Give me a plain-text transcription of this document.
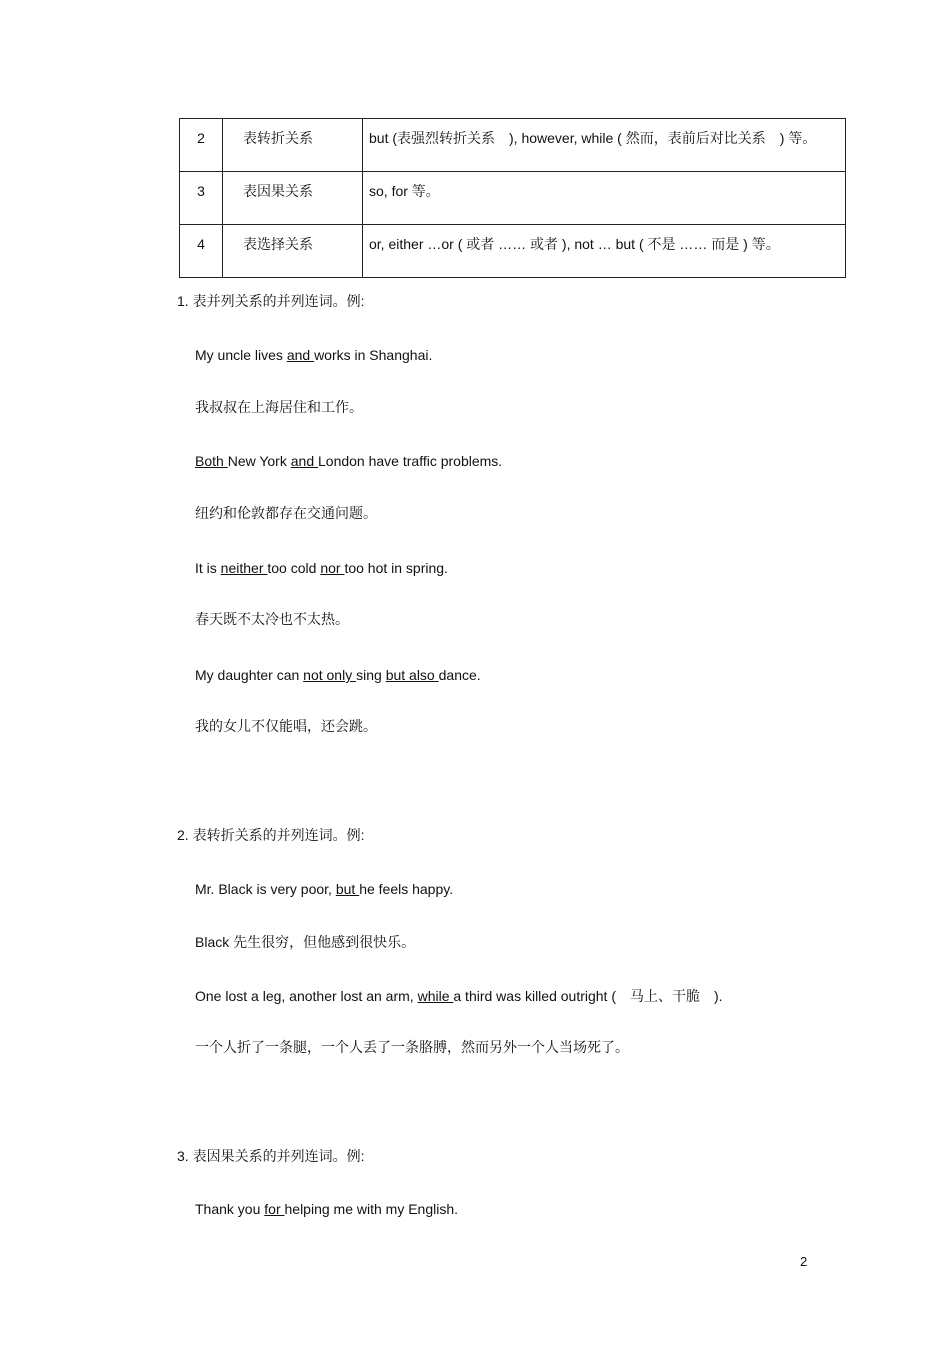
2	表转折关系	but (表强烈转折关系　), however, while ( 然而，表前后对比关系　) 等。
3	表因果关系	so, for 等。
4	表选择关系	or, either …or ( 或者 …… 或者 ), not … but ( 不是 …… 而是 ) 等。
1. 表并列关系的并列连词。例:
My uncle lives and works in Shanghai.
我叔叔在上海居住和工作。
Both New York and London have traffic problems.
纽约和伦敦都存在交通问题。
It is neither too cold nor too hot in spring.
春天既不太冷也不太热。
My daughter can not only sing but also dance.
我的女儿不仅能唱，还会跳。
2. 表转折关系的并列连词。例:
Mr. Black is very poor, but he feels happy.
Black 先生很穷，但他感到很快乐。
One lost a leg, another lost an arm, while a third was killed outright (　马上、干脆　).
一个人折了一条腿，一个人丢了一条胳膊，然而另外一个人当场死了。
3. 表因果关系的并列连词。例:
Thank you for helping me with my English.
2
